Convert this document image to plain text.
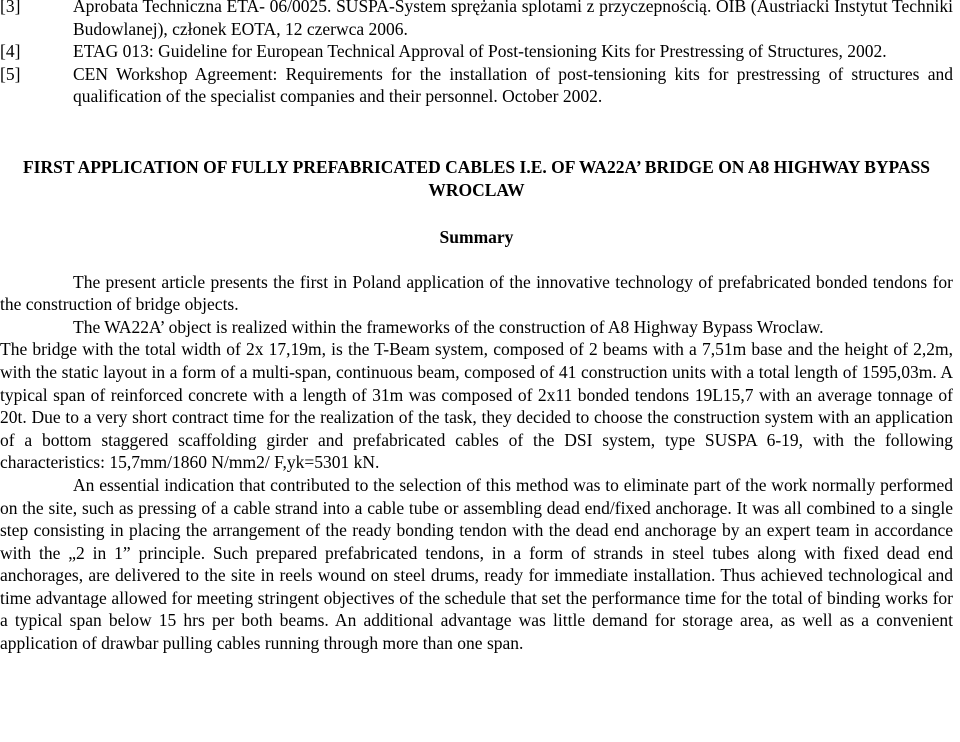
[3]	Aprobata Techniczna ETA- 06/0025. SUSPA-System sprężania splotami z przyczepnością. OIB (Austriacki Instytut Techniki Budowlanej), członek EOTA, 12 czerwca 2006.

[4]	ETAG 013: Guideline for European Technical Approval of Post-tensioning Kits for Prestressing of Structures, 2002.

[5]	CEN Workshop Agreement: Requirements for the installation of post-tensioning kits for prestressing of structures and qualification of the specialist companies and their personnel. October 2002.

FIRST APPLICATION OF FULLY PREFABRICATED CABLES I.E. OF WA22A’ BRIDGE ON A8 HIGHWAY BYPASS WROCLAW
Summary

The present article presents the first in Poland application of the innovative technology of prefabricated bonded tendons for the construction of bridge objects.

The WA22A’ object is realized within the frameworks of the construction of A8 Highway Bypass Wroclaw.

The bridge with the total width of 2x 17,19m, is the T-Beam system, composed of 2 beams with a 7,51m base and the height of 2,2m, with the static layout in a form of a multi-span, continuous beam, composed of 41 construction units with a total length of 1595,03m. A typical span of reinforced concrete with a length of 31m was composed of 2x11 bonded tendons 19L15,7 with an average tonnage of 20t. Due to a very short contract time for the realization of the task, they decided to choose the construction system with an application of a bottom staggered scaffolding girder and prefabricated cables of the DSI system, type SUSPA 6-19, with the following characteristics: 15,7mm/1860 N/mm2/ F,yk=5301 kN.

An essential indication that contributed to the selection of this method was to eliminate part of the work normally performed on the site, such as pressing of a cable strand into a cable tube or assembling dead end/fixed anchorage. It was all combined to a single step consisting in placing the arrangement of the ready bonding tendon with the dead end anchorage by an expert team in accordance with the „2 in 1” principle. Such prepared prefabricated tendons, in a form of strands in steel tubes along with fixed dead end anchorages, are delivered to the site in reels wound on steel drums, ready for immediate installation. Thus achieved technological and time advantage allowed for meeting stringent objectives of the schedule that set the performance time for the total of binding works for a typical span below 15 hrs per both beams. An additional advantage was little demand for storage area, as well as a convenient application of drawbar pulling cables running through more than one span.
